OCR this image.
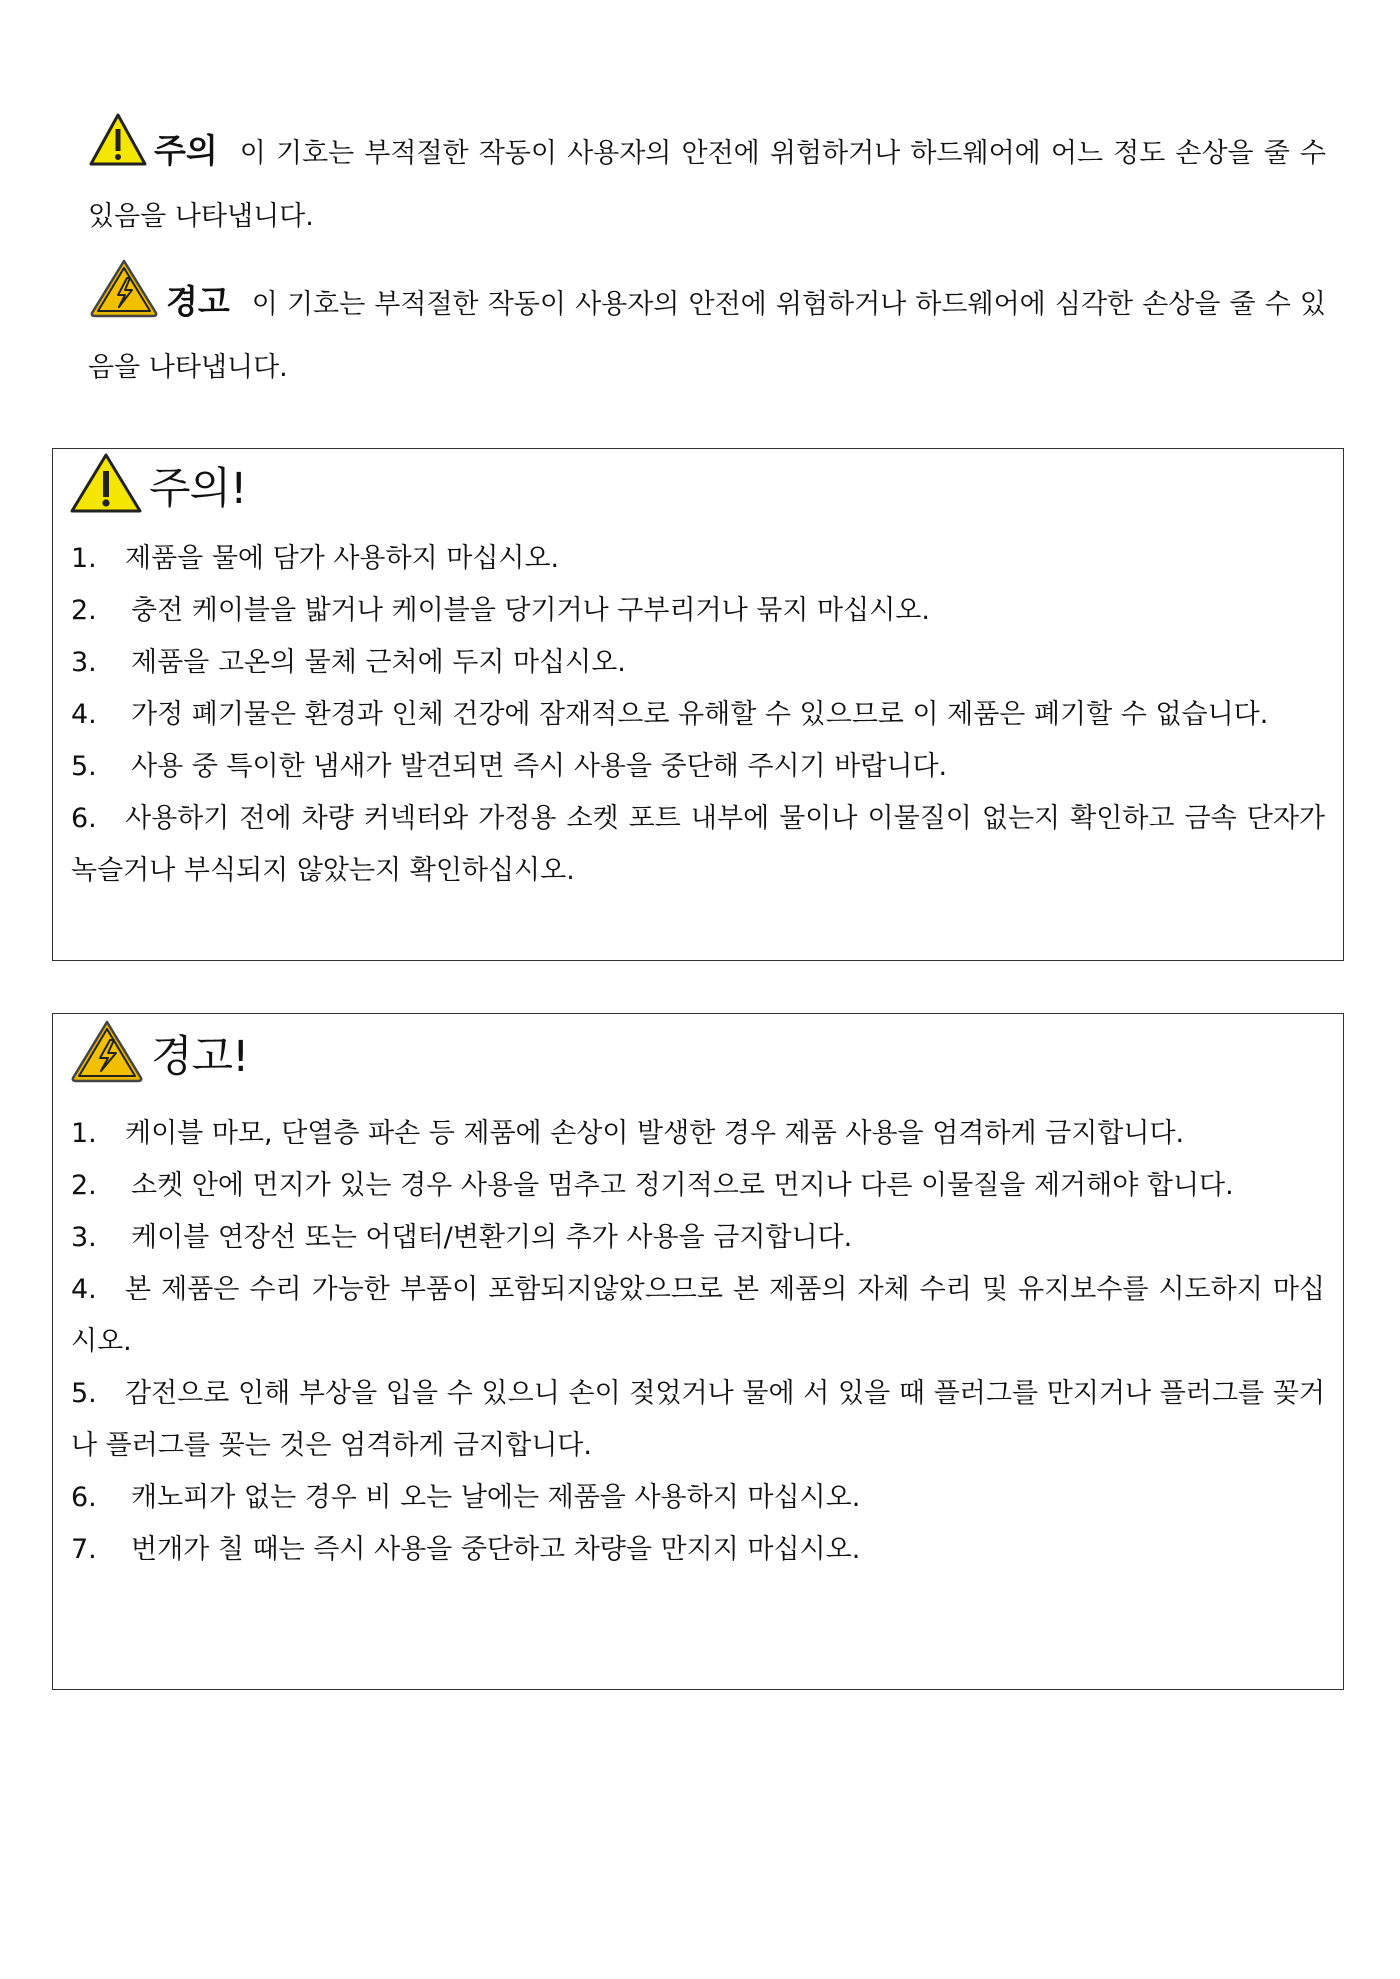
주의 이 기호는 부적절한 작동이 사용자의 안전에 위험하거나 하드웨어에 어느 정도 손상을 줄 수 있음을 나타냅니다.
경고 이 기호는 부적절한 작동이 사용자의 안전에 위험하거나 하드웨어에 심각한 손상을 줄 수 있음을 나타냅니다.
주의!
1. 제품을 물에 담가 사용하지 마십시오.
2. 충전 케이블을 밟거나 케이블을 당기거나 구부리거나 묶지 마십시오.
3. 제품을 고온의 물체 근처에 두지 마십시오.
4. 가정 폐기물은 환경과 인체 건강에 잠재적으로 유해할 수 있으므로 이 제품은 폐기할 수 없습니다.
5. 사용 중 특이한 냄새가 발견되면 즉시 사용을 중단해 주시기 바랍니다.
6. 사용하기 전에 차량 커넥터와 가정용 소켓 포트 내부에 물이나 이물질이 없는지 확인하고 금속 단자가 녹슬거나 부식되지 않았는지 확인하십시오.
경고!
1. 케이블 마모, 단열층 파손 등 제품에 손상이 발생한 경우 제품 사용을 엄격하게 금지합니다.
2. 소켓 안에 먼지가 있는 경우 사용을 멈추고 정기적으로 먼지나 다른 이물질을 제거해야 합니다.
3. 케이블 연장선 또는 어댑터/변환기의 추가 사용을 금지합니다.
4. 본 제품은 수리 가능한 부품이 포함되지않았으므로 본 제품의 자체 수리 및 유지보수를 시도하지 마십시오.
5. 감전으로 인해 부상을 입을 수 있으니 손이 젖었거나 물에 서 있을 때 플러그를 만지거나 플러그를 꽂거나 플러그를 꽂는 것은 엄격하게 금지합니다.
6. 캐노피가 없는 경우 비 오는 날에는 제품을 사용하지 마십시오.
7. 번개가 칠 때는 즉시 사용을 중단하고 차량을 만지지 마십시오.
